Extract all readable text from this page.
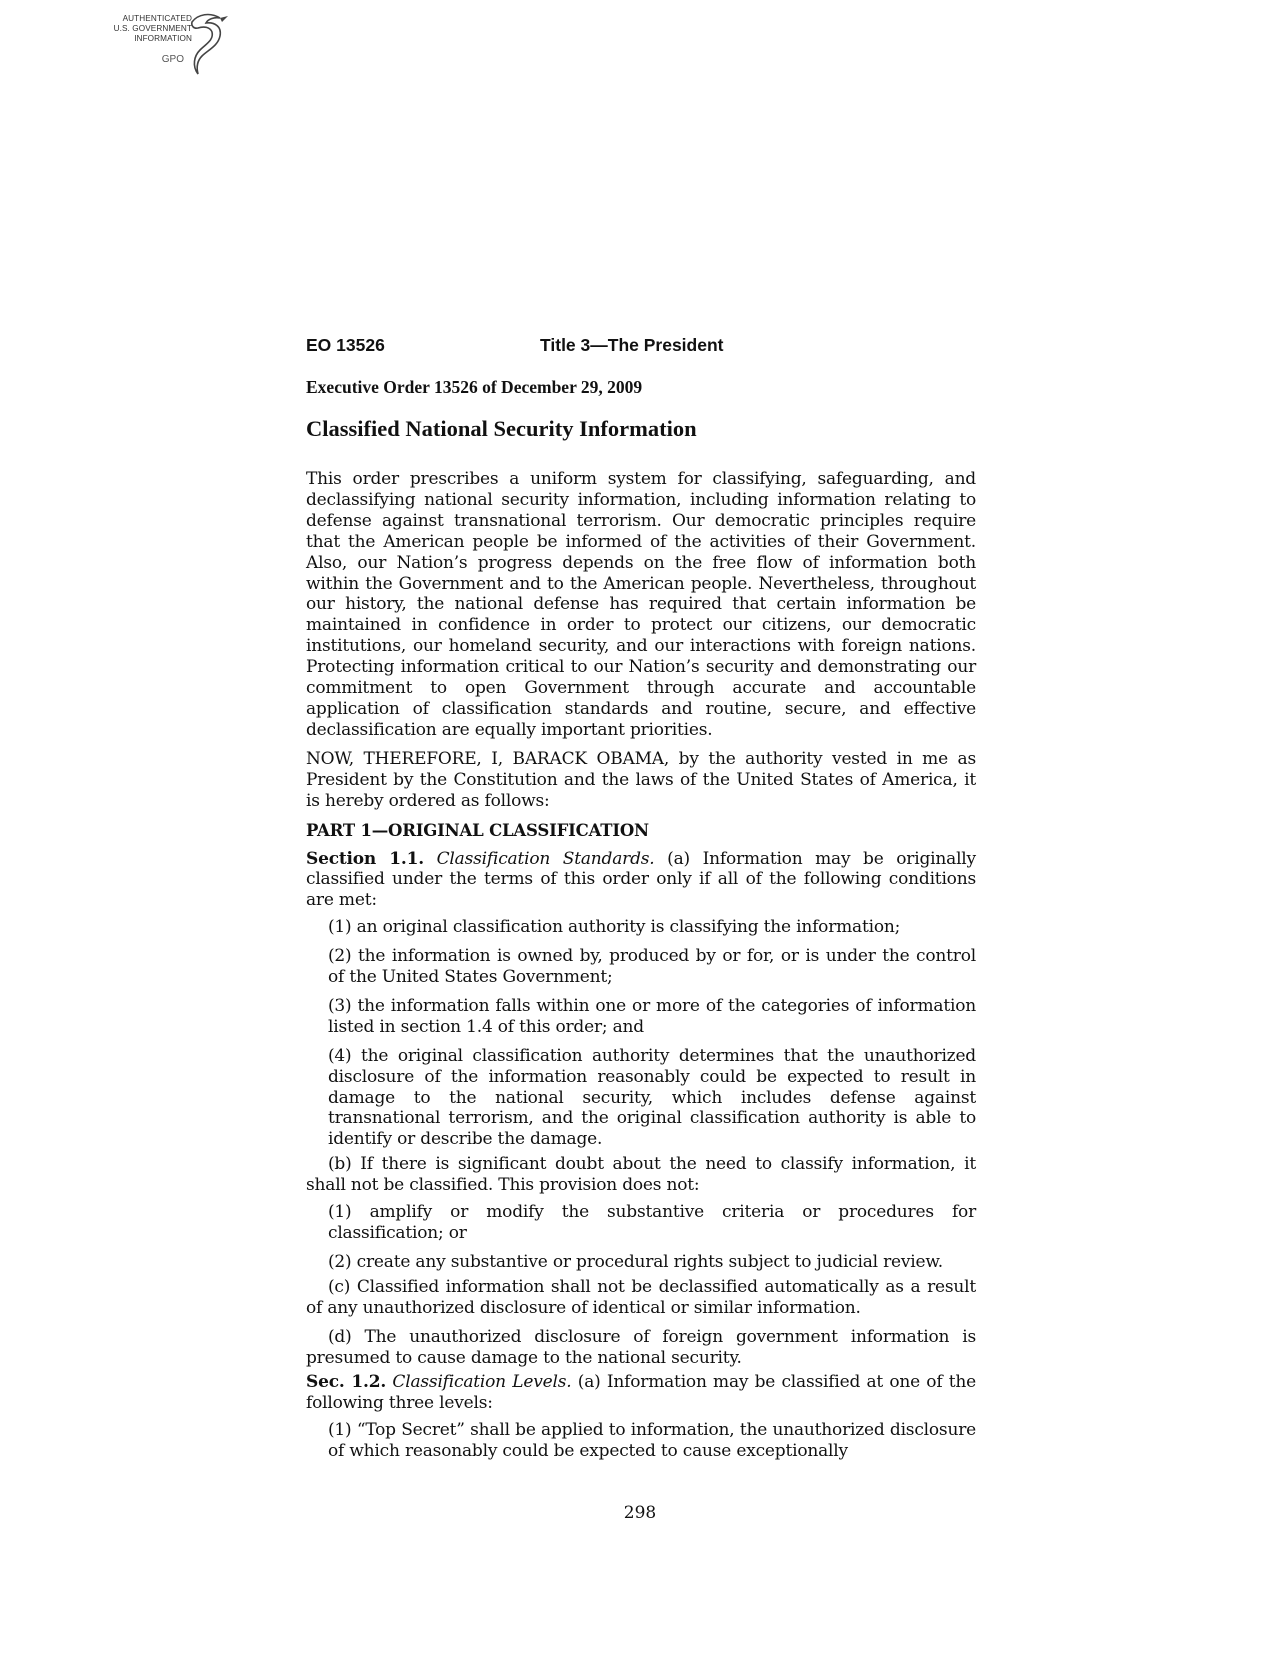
AUTHENTICATED
U.S. GOVERNMENT
INFORMATION
GPO
EO 13526	Title 3—The President
Executive Order 13526 of December 29, 2009
Classified National Security Information

This order prescribes a uniform system for classifying, safeguarding, and declassifying national security information, including information relating to defense against transnational terrorism. Our democratic principles require that the American people be informed of the activities of their Government. Also, our Nation’s progress depends on the free flow of information both within the Government and to the American people. Nevertheless, throughout our history, the national defense has required that certain information be maintained in confidence in order to protect our citizens, our democratic institutions, our homeland security, and our interactions with foreign nations. Protecting information critical to our Nation’s security and demonstrating our commitment to open Government through accurate and accountable application of classification standards and routine, secure, and effective declassification are equally important priorities.

NOW, THEREFORE, I, BARACK OBAMA, by the authority vested in me as President by the Constitution and the laws of the United States of America, it is hereby ordered as follows:

PART 1—ORIGINAL CLASSIFICATION

Section 1.1. Classification Standards. (a) Information may be originally classified under the terms of this order only if all of the following conditions are met:

(1) an original classification authority is classifying the information;

(2) the information is owned by, produced by or for, or is under the control of the United States Government;

(3) the information falls within one or more of the categories of information listed in section 1.4 of this order; and

(4) the original classification authority determines that the unauthorized disclosure of the information reasonably could be expected to result in damage to the national security, which includes defense against transnational terrorism, and the original classification authority is able to identify or describe the damage.

(b) If there is significant doubt about the need to classify information, it shall not be classified. This provision does not:

(1) amplify or modify the substantive criteria or procedures for classification; or

(2) create any substantive or procedural rights subject to judicial review.

(c) Classified information shall not be declassified automatically as a result of any unauthorized disclosure of identical or similar information.

(d) The unauthorized disclosure of foreign government information is presumed to cause damage to the national security.

Sec. 1.2. Classification Levels. (a) Information may be classified at one of the following three levels:

(1) “Top Secret” shall be applied to information, the unauthorized disclosure of which reasonably could be expected to cause exceptionally

298
